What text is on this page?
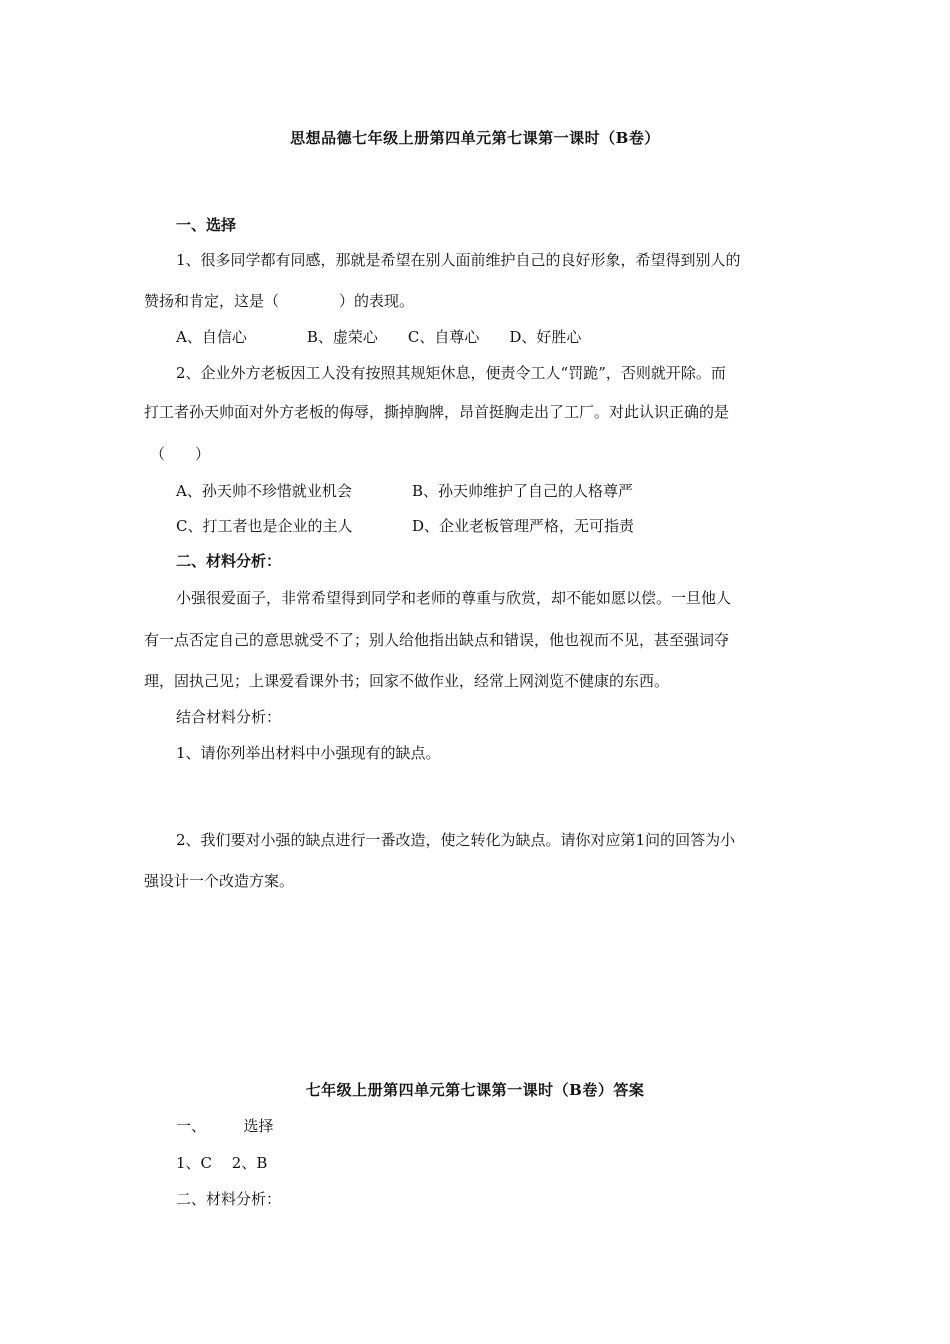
思想品德七年级上册第四单元第七课第一课时（B卷）
一、选择
1、很多同学都有同感，那就是希望在别人面前维护自己的良好形象，希望得到别人的
赞扬和肯定，这是（　　　　）的表现。
A、自信心　　　　B、虚荣心　　C、自尊心　　D、好胜心
2、企业外方老板因工人没有按照其规矩休息，便责令工人“罚跪”，否则就开除。而
打工者孙天帅面对外方老板的侮辱，撕掉胸牌，昂首挺胸走出了工厂。对此认识正确的是
（　　）
A、孙天帅不珍惜就业机会	B、孙天帅维护了自己的人格尊严
C、打工者也是企业的主人	D、企业老板管理严格，无可指责
二、材料分析：
小强很爱面子，非常希望得到同学和老师的尊重与欣赏，却不能如愿以偿。一旦他人
有一点否定自己的意思就受不了；别人给他指出缺点和错误，他也视而不见，甚至强词夺
理，固执己见；上课爱看课外书；回家不做作业，经常上网浏览不健康的东西。
结合材料分析：
1、请你列举出材料中小强现有的缺点。
2、我们要对小强的缺点进行一番改造，使之转化为缺点。请你对应第1问的回答为小
强设计一个改造方案。
七年级上册第四单元第七课第一课时（B卷）答案
一、　　　选择
1、C　 2、B
二、材料分析：
